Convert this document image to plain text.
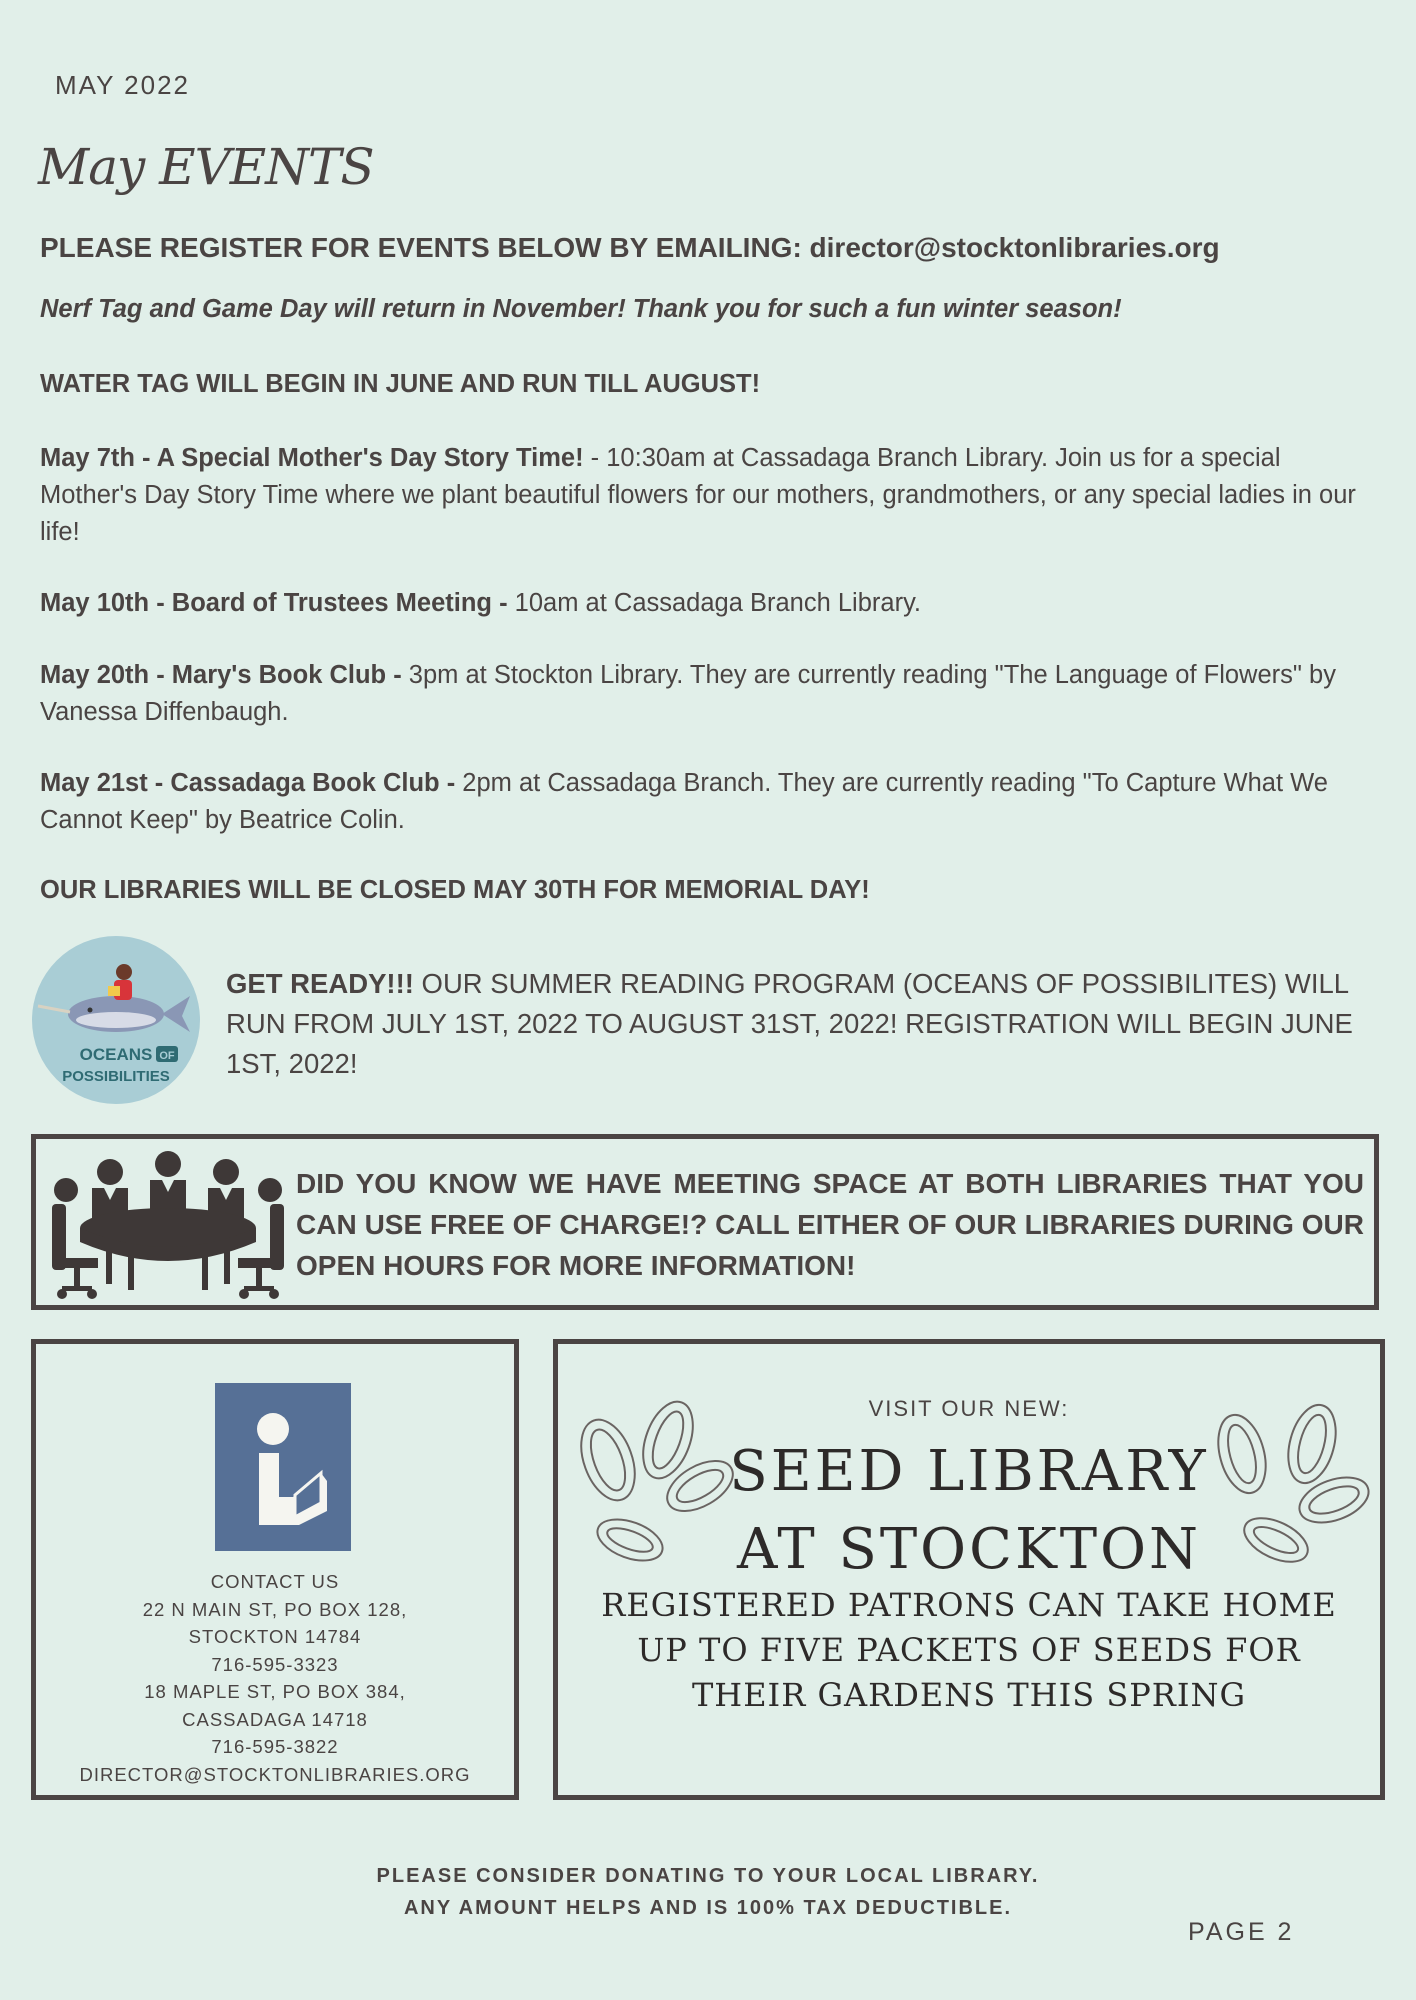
MAY 2022
May EVENTS
PLEASE REGISTER FOR EVENTS BELOW BY EMAILING: director@stocktonlibraries.org
Nerf Tag and Game Day will return in November! Thank you for such a fun winter season!
WATER TAG WILL BEGIN IN JUNE AND RUN TILL AUGUST!
May 7th - A Special Mother's Day Story Time! - 10:30am at Cassadaga Branch Library. Join us for a special Mother's Day Story Time where we plant beautiful flowers for our mothers, grandmothers, or any special ladies in our life!
May 10th - Board of Trustees Meeting - 10am at Cassadaga Branch Library.
May 20th - Mary's Book Club - 3pm at Stockton Library. They are currently reading "The Language of Flowers" by Vanessa Diffenbaugh.
May 21st - Cassadaga Book Club - 2pm at Cassadaga Branch. They are currently reading "To Capture What We Cannot Keep" by Beatrice Colin.
OUR LIBRARIES WILL BE CLOSED MAY 30TH FOR MEMORIAL DAY!
OCEANS OF
POSSIBILITIES
GET READY!!! OUR SUMMER READING PROGRAM (OCEANS OF POSSIBILITES) WILL RUN FROM JULY 1ST, 2022 TO AUGUST 31ST, 2022! REGISTRATION WILL BEGIN JUNE 1ST, 2022!
DID YOU KNOW WE HAVE MEETING SPACE AT BOTH LIBRARIES THAT YOU CAN USE FREE OF CHARGE!? CALL EITHER OF OUR LIBRARIES DURING OUR OPEN HOURS FOR MORE INFORMATION!
CONTACT US
22 N MAIN ST, PO BOX 128,
STOCKTON 14784
716-595-3323
18 MAPLE ST, PO BOX 384,
CASSADAGA 14718
716-595-3822
DIRECTOR@STOCKTONLIBRARIES.ORG
VISIT OUR NEW:
SEED LIBRARY
AT STOCKTON
REGISTERED PATRONS CAN TAKE HOME
UP TO FIVE PACKETS OF SEEDS FOR
THEIR GARDENS THIS SPRING
PLEASE CONSIDER DONATING TO YOUR LOCAL LIBRARY.
ANY AMOUNT HELPS AND IS 100% TAX DEDUCTIBLE.
PAGE 2
